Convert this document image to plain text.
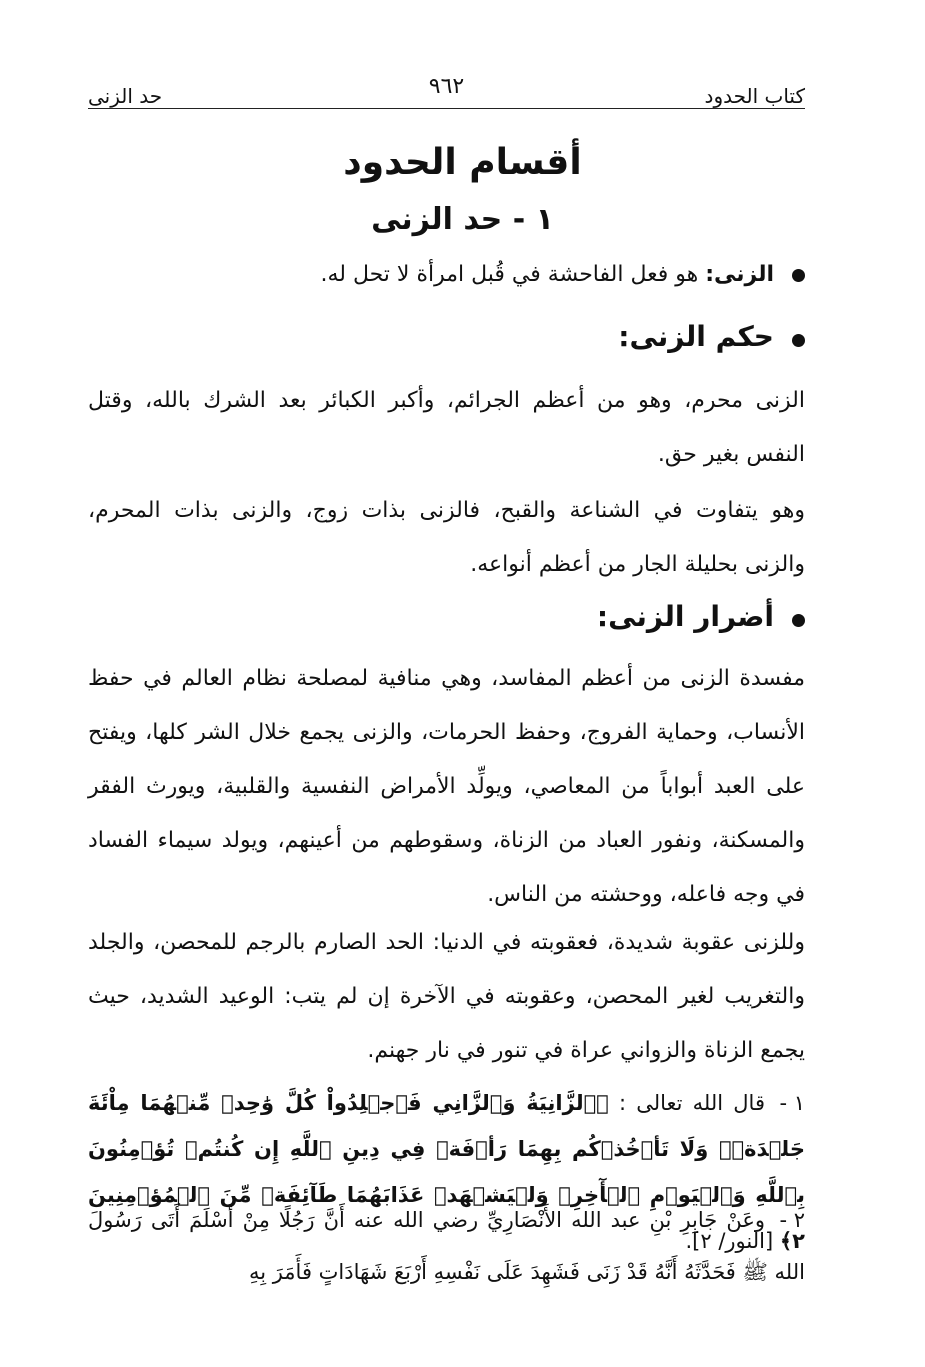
كتاب الحدود
٩٦٢
حد الزنى
أقسام الحدود
١ - حد الزنى
الزنى: هو فعل الفاحشة في قُبل امرأة لا تحل له.
حكم الزنى:
الزنى محرم، وهو من أعظم الجرائم، وأكبر الكبائر بعد الشرك بالله، وقتل النفس بغير حق.
وهو يتفاوت في الشناعة والقبح، فالزنى بذات زوج، والزنى بذات المحرم، والزنى بحليلة الجار من أعظم أنواعه.
أضرار الزنى:
مفسدة الزنى من أعظم المفاسد، وهي منافية لمصلحة نظام العالم في حفظ الأنساب، وحماية الفروج، وحفظ الحرمات، والزنى يجمع خلال الشر كلها، ويفتح على العبد أبواباً من المعاصي، ويولِّد الأمراض النفسية والقلبية، ويورث الفقر والمسكنة، ونفور العباد من الزناة، وسقوطهم من أعينهم، ويولد سيماء الفساد في وجه فاعله، ووحشته من الناس.
وللزنى عقوبة شديدة، فعقوبته في الدنيا: الحد الصارم بالرجم للمحصن، والجلد والتغريب لغير المحصن، وعقوبته في الآخرة إن لم يتب: الوعيد الشديد، حيث يجمع الزناة والزواني عراة في تنور في نار جهنم.
١ -قال الله تعالى : ﴿ٱلزَّانِيَةُ وَٱلزَّانِي فَٱجۡلِدُواْ كُلَّ وَٰحِدٖ مِّنۡهُمَا مِاْئَةَ جَلۡدَةٖۖ وَلَا تَأۡخُذۡكُم بِهِمَا رَأۡفَةٞ فِي دِينِ ٱللَّهِ إِن كُنتُمۡ تُؤۡمِنُونَ بِٱللَّهِ وَٱلۡيَوۡمِ ٱلۡأٓخِرِۖ وَلۡيَشۡهَدۡ عَذَابَهُمَا طَآئِفَةٞ مِّنَ ٱلۡمُؤۡمِنِينَ ٢﴾ [النور/ ٢].
٢ -وعَنْ جَابِرِ بْنِ عبد الله الأَنْصَارِيِّ رضي الله عنه أَنَّ رَجُلًا مِنْ أَسْلَمَ أَتَى رَسُولَ الله ﷺ فَحَدَّثَهُ أَنَّهُ قَدْ زَنَى فَشَهِدَ عَلَى نَفْسِهِ أَرْبَعَ شَهَادَاتٍ فَأَمَرَ بِهِ
